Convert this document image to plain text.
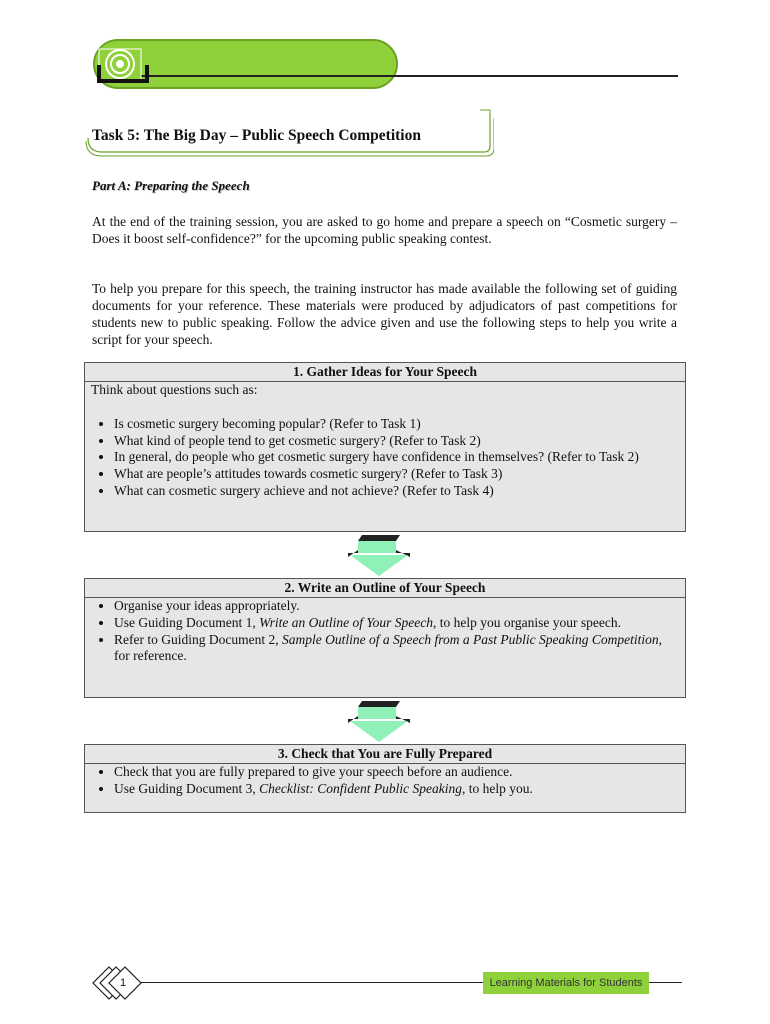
Task 5: The Big Day – Public Speech Competition
Part A: Preparing the Speech

At the end of the training session, you are asked to go home and prepare a speech on “Cosmetic surgery – Does it boost self-confidence?” for the upcoming public speaking contest.

To help you prepare for this speech, the training instructor has made available the following set of guiding documents for your reference. These materials were produced by adjudicators of past competitions for students new to public speaking. Follow the advice given and use the following steps to help you write a script for your speech.

1. Gather Ideas for Your Speech

Think about questions such as:

• Is cosmetic surgery becoming popular? (Refer to Task 1)
• What kind of people tend to get cosmetic surgery? (Refer to Task 2)
• In general, do people who get cosmetic surgery have confidence in themselves? (Refer to Task 2)
• What are people’s attitudes towards cosmetic surgery? (Refer to Task 3)
• What can cosmetic surgery achieve and not achieve? (Refer to Task 4)
2. Write an Outline of Your Speech
• Organise your ideas appropriately.
• Use Guiding Document 1, Write an Outline of Your Speech, to help you organise your speech.
• Refer to Guiding Document 2, Sample Outline of a Speech from a Past Public Speaking Competition, for reference.
3. Check that You are Fully Prepared
• Check that you are fully prepared to give your speech before an audience.
• Use Guiding Document 3, Checklist: Confident Public Speaking, to help you.
1	Learning Materials for Students
